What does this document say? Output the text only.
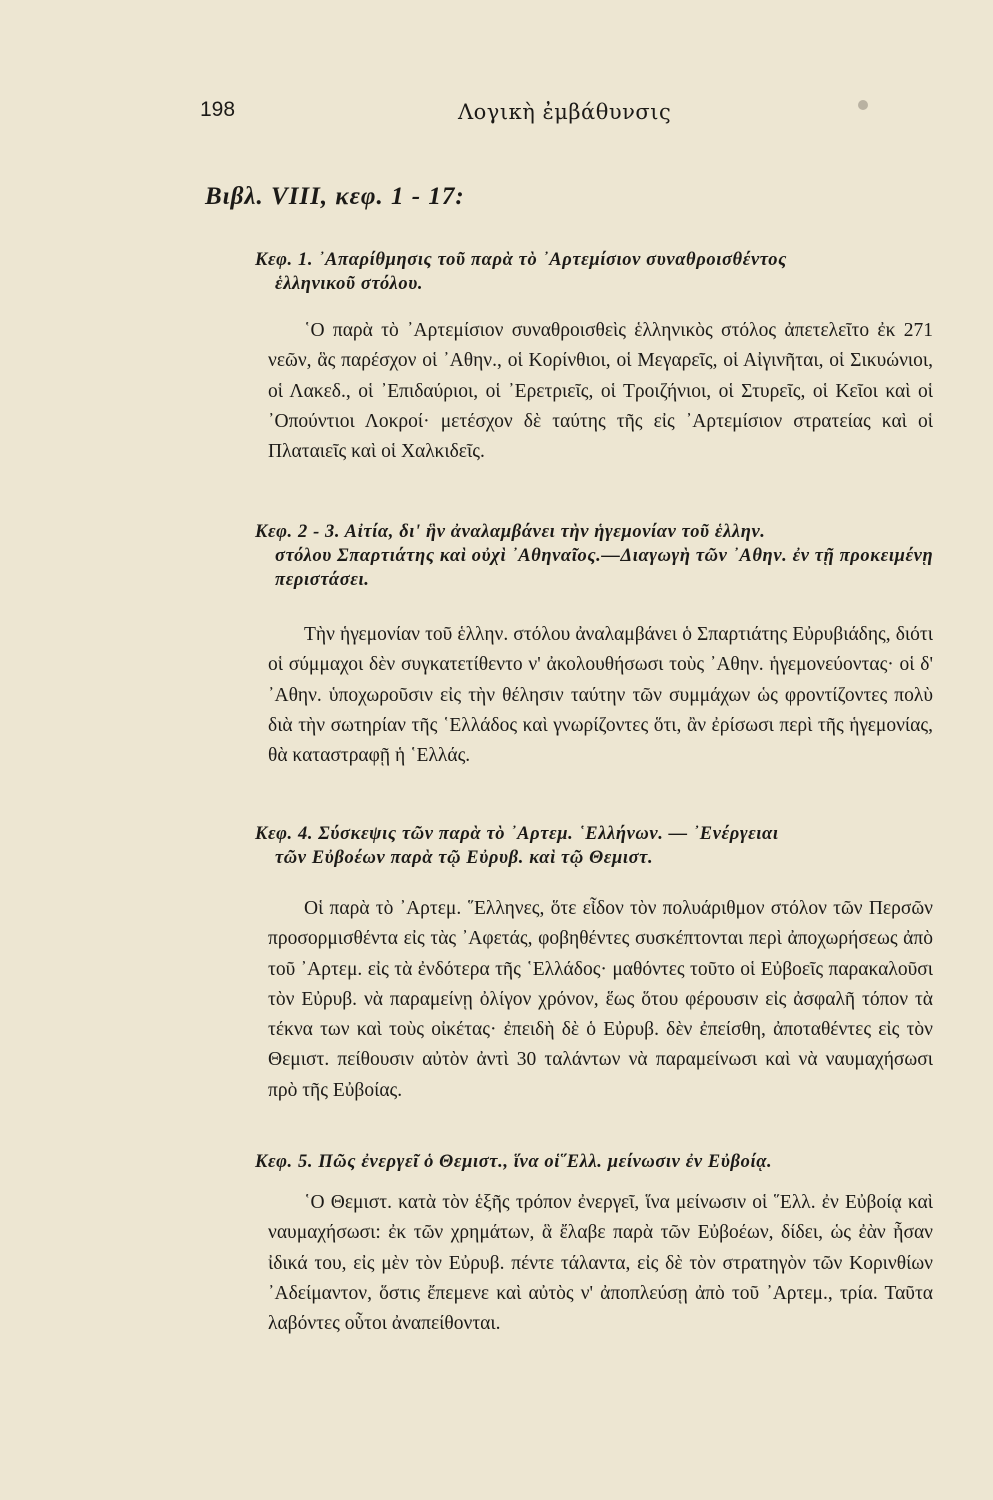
198	Λογικὴ ἐμβάθυνσις
Βιβλ. VIII, κεφ. 1 - 17:
Κεφ. 1. ᾿Απαρίθμησις τοῦ παρὰ τὸ ᾿Αρτεμίσιον συναθροισθέντος
ἑλληνικοῦ στόλου.

῾Ο παρὰ τὸ ᾿Αρτεμίσιον συναθροισθεὶς ἑλληνικὸς στόλος ἀπετελεῖτο ἐκ 271 νεῶν, ἃς παρέσχον οἱ ᾿Αθην., οἱ Κορίνθιοι, οἱ Μεγαρεῖς, οἱ Αἰγινῆται, οἱ Σικυώνιοι, οἱ Λακεδ., οἱ ᾿Επιδαύριοι, οἱ ᾿Ερετριεῖς, οἱ Τροιζήνιοι, οἱ Στυρεῖς, οἱ Κεῖοι καὶ οἱ ᾿Οπούντιοι Λοκροί· μετέσχον δὲ ταύτης τῆς εἰς ᾿Αρτεμίσιον στρατείας καὶ οἱ Πλαταιεῖς καὶ οἱ Χαλκιδεῖς.

Κεφ. 2 - 3. Αἰτία, δι' ἣν ἀναλαμβάνει τὴν ἡγεμονίαν τοῦ ἑλλην.
στόλου Σπαρτιάτης καὶ οὐχὶ ᾿Αθηναῖος.—Διαγωγὴ τῶν ᾿Αθην. ἐν τῇ προκειμένῃ περιστάσει.

Τὴν ἡγεμονίαν τοῦ ἑλλην. στόλου ἀναλαμβάνει ὁ Σπαρτιάτης Εὐρυβιάδης, διότι οἱ σύμμαχοι δὲν συγκατετίθεντο ν' ἀκολουθήσωσι τοὺς ᾿Αθην. ἡγεμονεύοντας· οἱ δ' ᾿Αθην. ὑποχωροῦσιν εἰς τὴν θέλησιν ταύτην τῶν συμμάχων ὡς φροντίζοντες πολὺ διὰ τὴν σωτηρίαν τῆς ῾Ελλάδος καὶ γνωρίζοντες ὅτι, ἂν ἐρίσωσι περὶ τῆς ἡγεμονίας, θὰ καταστραφῇ ἡ ῾Ελλάς.

Κεφ. 4. Σύσκεψις τῶν παρὰ τὸ ᾿Αρτεμ. ῾Ελλήνων. — ᾿Ενέργειαι
τῶν Εὐβοέων παρὰ τῷ Εὐρυβ. καὶ τῷ Θεμιστ.

Οἱ παρὰ τὸ ᾿Αρτεμ. ῞Ελληνες, ὅτε εἶδον τὸν πολυάριθμον στόλον τῶν Περσῶν προσορμισθέντα εἰς τὰς ᾿Αφετάς, φοβηθέντες συσκέπτονται περὶ ἀποχωρήσεως ἀπὸ τοῦ ᾿Αρτεμ. εἰς τὰ ἐνδότερα τῆς ῾Ελλάδος· μαθόντες τοῦτο οἱ Εὐβοεῖς παρακαλοῦσι τὸν Εὐρυβ. νὰ παραμείνῃ ὀλίγον χρόνον, ἕως ὅτου φέρουσιν εἰς ἀσφαλῆ τόπον τὰ τέκνα των καὶ τοὺς οἰκέτας· ἐπειδὴ δὲ ὁ Εὐρυβ. δὲν ἐπείσθη, ἀποταθέντες εἰς τὸν Θεμιστ. πείθουσιν αὐτὸν ἀντὶ 30 ταλάντων νὰ παραμείνωσι καὶ νὰ ναυμαχήσωσι πρὸ τῆς Εὐβοίας.

Κεφ. 5. Πῶς ἐνεργεῖ ὁ Θεμιστ., ἵνα οἱ῞Ελλ. μείνωσιν ἐν Εὐβοίᾳ.

῾Ο Θεμιστ. κατὰ τὸν ἑξῆς τρόπον ἐνεργεῖ, ἵνα μείνωσιν οἱ ῞Ελλ. ἐν Εὐβοίᾳ καὶ ναυμαχήσωσι: ἐκ τῶν χρημάτων, ἃ ἔλαβε παρὰ τῶν Εὐβοέων, δίδει, ὡς ἐὰν ἦσαν ἰδικά του, εἰς μὲν τὸν Εὐρυβ. πέντε τάλαντα, εἰς δὲ τὸν στρατηγὸν τῶν Κορινθίων ᾿Αδείμαντον, ὅστις ἔπεμενε καὶ αὐτὸς ν' ἀποπλεύσῃ ἀπὸ τοῦ ᾿Αρτεμ., τρία. Ταῦτα λαβόντες οὗτοι ἀναπείθονται.
